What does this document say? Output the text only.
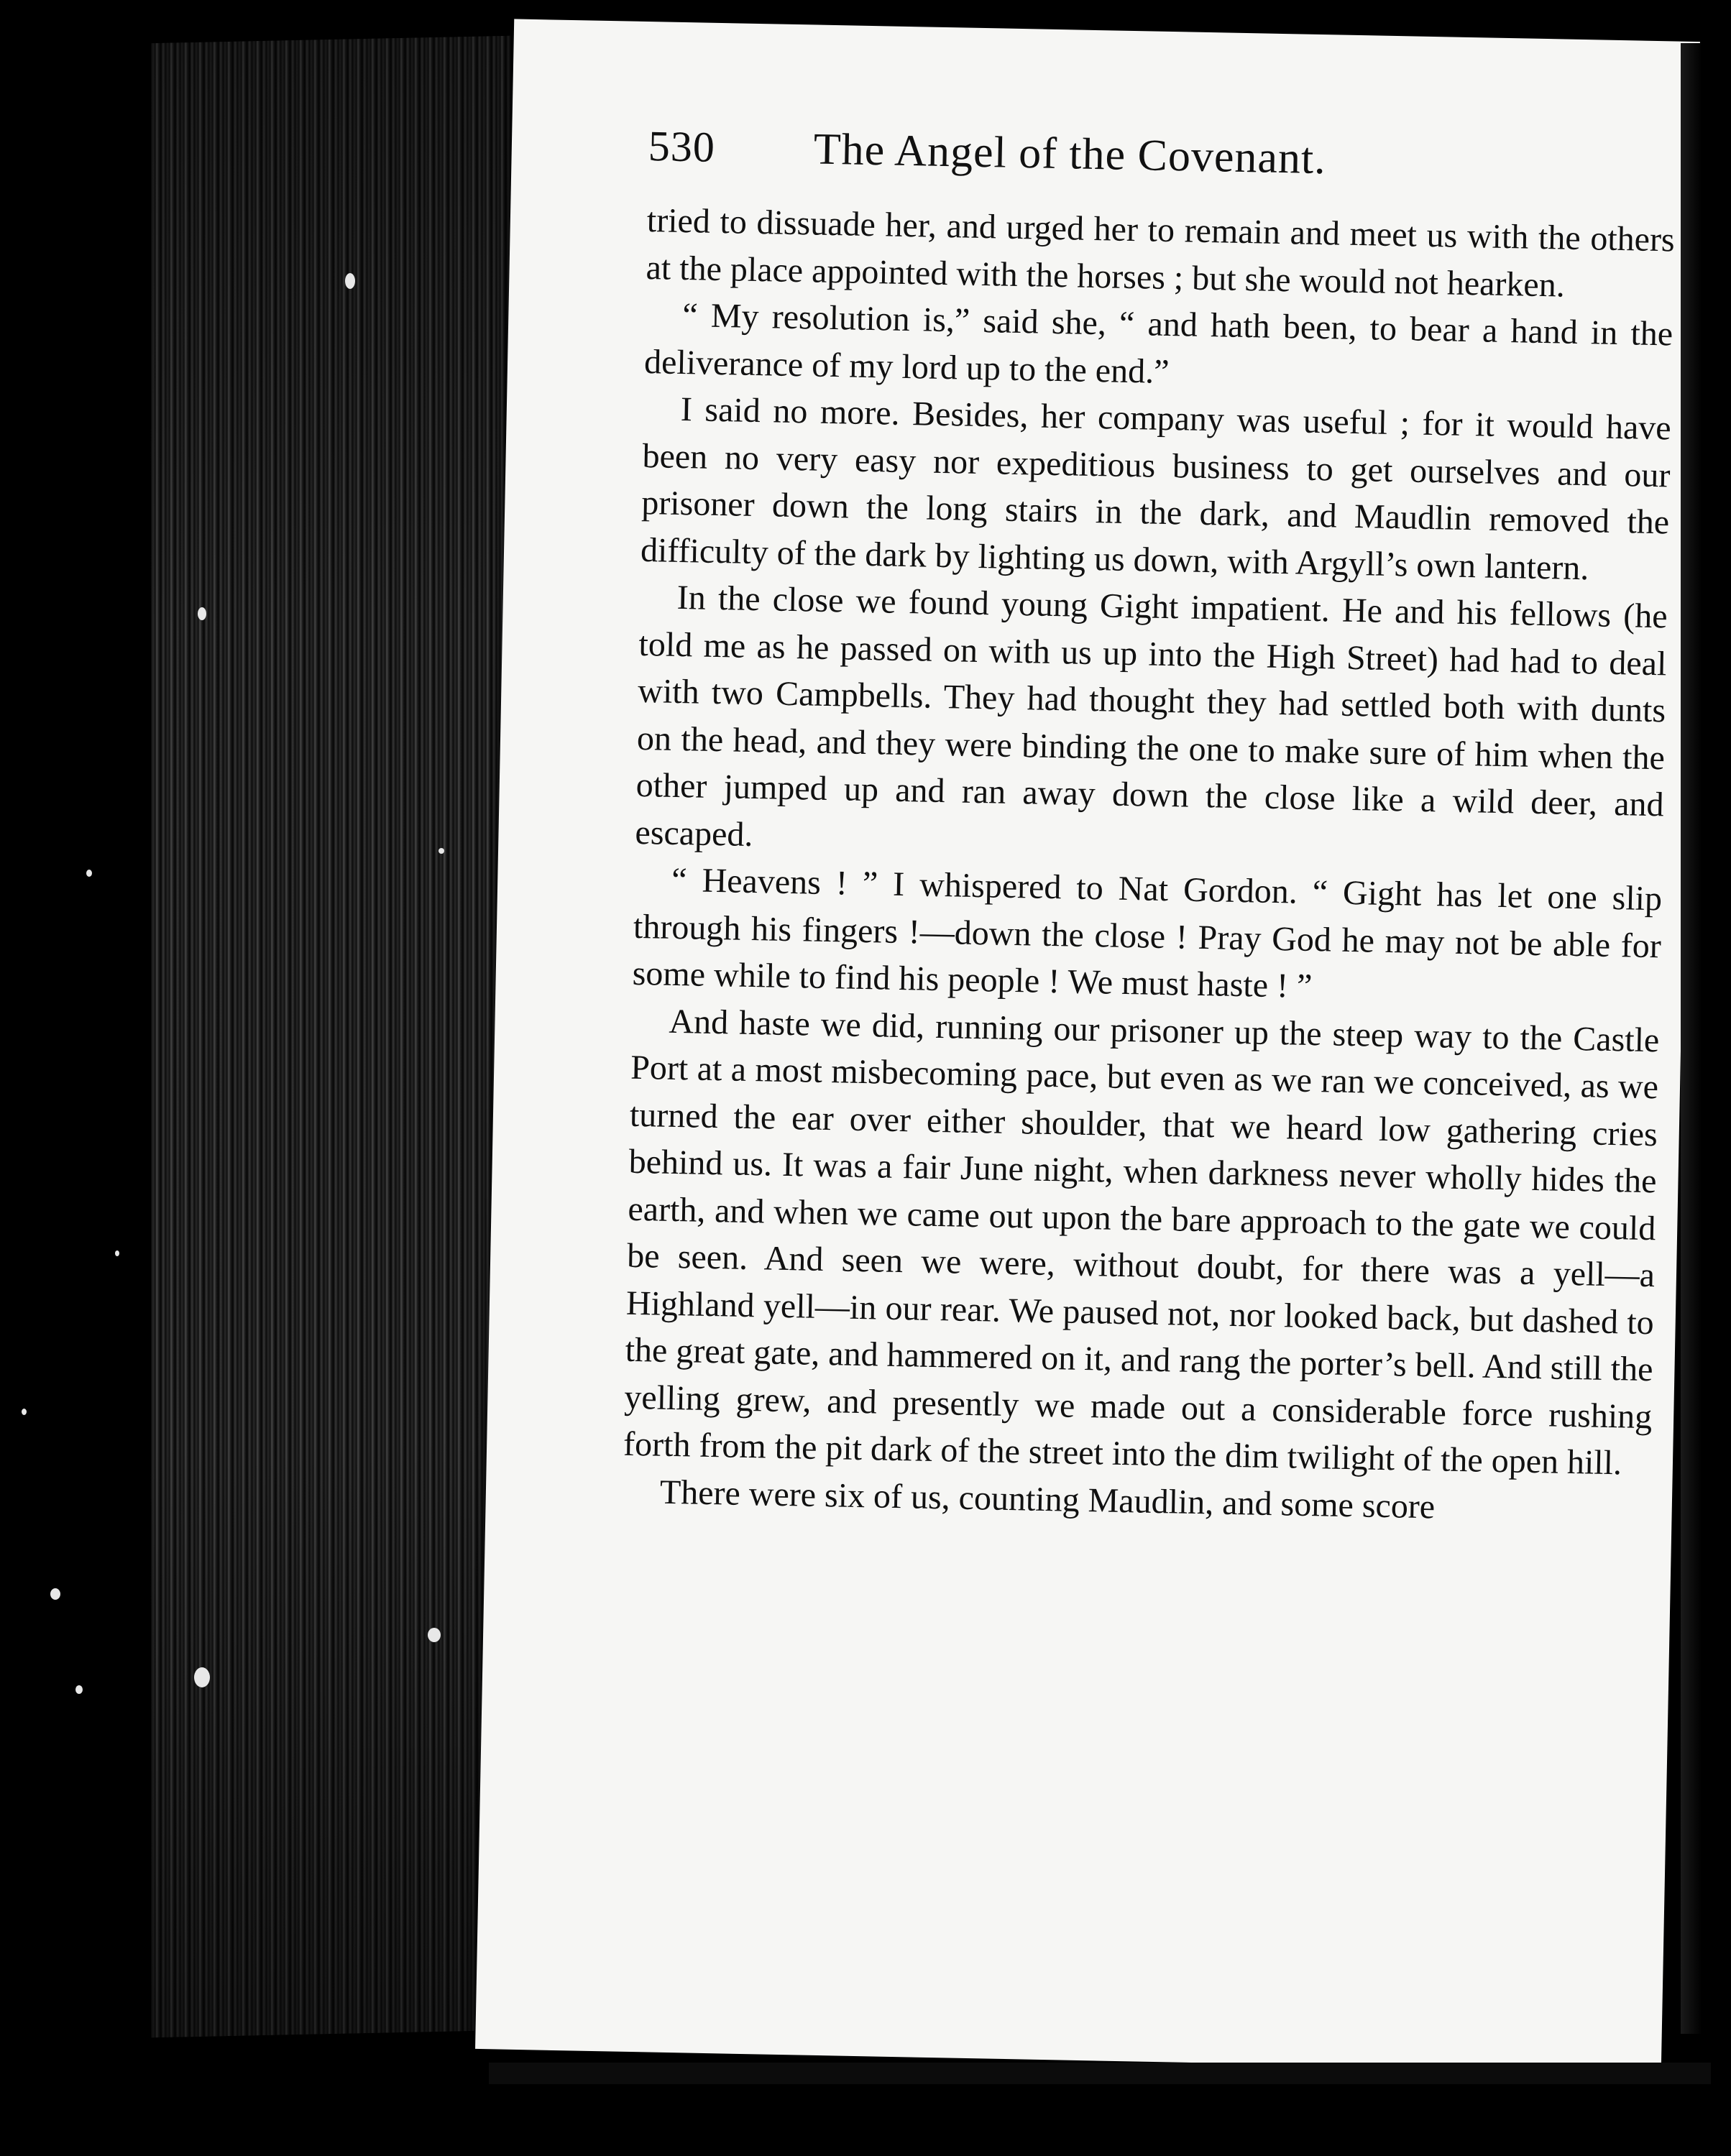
530	The Angel of the Covenant.

tried to dissuade her, and urged her to remain and meet us with the others at the place appointed with the horses ; but she would not hearken.

“ My resolution is,” said she, “ and hath been, to bear a hand in the deliverance of my lord up to the end.”

I said no more. Besides, her company was useful ; for it would have been no very easy nor expeditious business to get ourselves and our prisoner down the long stairs in the dark, and Maudlin removed the difficulty of the dark by lighting us down, with Argyll’s own lantern.

In the close we found young Gight impatient. He and his fellows (he told me as he passed on with us up into the High Street) had had to deal with two Campbells. They had thought they had settled both with dunts on the head, and they were binding the one to make sure of him when the other jumped up and ran away down the close like a wild deer, and escaped.

“ Heavens ! ” I whispered to Nat Gordon. “ Gight has let one slip through his fingers !—down the close ! Pray God he may not be able for some while to find his people ! We must haste ! ”

And haste we did, running our prisoner up the steep way to the Castle Port at a most misbecoming pace, but even as we ran we conceived, as we turned the ear over either shoulder, that we heard low gathering cries behind us. It was a fair June night, when darkness never wholly hides the earth, and when we came out upon the bare approach to the gate we could be seen. And seen we were, without doubt, for there was a yell—a Highland yell—in our rear. We paused not, nor looked back, but dashed to the great gate, and hammered on it, and rang the porter’s bell. And still the yelling grew, and presently we made out a considerable force rushing forth from the pit dark of the street into the dim twilight of the open hill.

There were six of us, counting Maudlin, and some score
